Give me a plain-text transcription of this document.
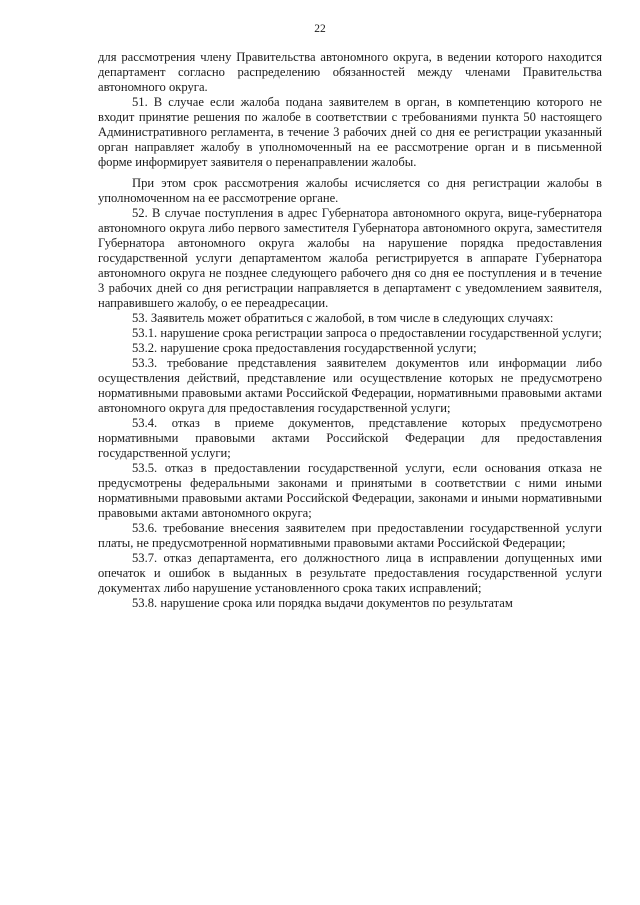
22

для рассмотрения члену Правительства автономного округа, в ведении которого находится департамент согласно распределению обязанностей между членами Правительства автономного округа.

51. В случае если жалоба подана заявителем в орган, в компетенцию которого не входит принятие решения по жалобе в соответствии с требованиями пункта 50 настоящего Административного регламента, в течение 3 рабочих дней со дня ее регистрации указанный орган направляет жалобу в уполномоченный на ее рассмотрение орган и в письменной форме информирует заявителя о перенаправлении жалобы.

При этом срок рассмотрения жалобы исчисляется со дня регистрации жалобы в уполномоченном на ее рассмотрение органе.

52. В случае поступления в адрес Губернатора автономного округа, вице-губернатора автономного округа либо первого заместителя Губернатора автономного округа, заместителя Губернатора автономного округа жалобы на нарушение порядка предоставления государственной услуги департаментом жалоба регистрируется в аппарате Губернатора автономного округа не позднее следующего рабочего дня со дня ее поступления и в течение 3 рабочих дней со дня регистрации направляется в департамент с уведомлением заявителя, направившего жалобу, о ее переадресации.

53. Заявитель может обратиться с жалобой, в том числе в следующих случаях:

53.1. нарушение срока регистрации запроса о предоставлении государственной услуги;

53.2. нарушение срока предоставления государственной услуги;

53.3. требование представления заявителем документов или информации либо осуществления действий, представление или осуществление которых не предусмотрено нормативными правовыми актами Российской Федерации, нормативными правовыми актами автономного округа для предоставления государственной услуги;

53.4. отказ в приеме документов, представление которых предусмотрено нормативными правовыми актами Российской Федерации для предоставления государственной услуги;

53.5. отказ в предоставлении государственной услуги, если основания отказа не предусмотрены федеральными законами и принятыми в соответствии с ними иными нормативными правовыми актами Российской Федерации, законами и иными нормативными правовыми актами автономного округа;

53.6. требование внесения заявителем при предоставлении государственной услуги платы, не предусмотренной нормативными правовыми актами Российской Федерации;

53.7. отказ департамента, его должностного лица в исправлении допущенных ими опечаток и ошибок в выданных в результате предоставления государственной услуги документах либо нарушение установленного срока таких исправлений;

53.8. нарушение срока или порядка выдачи документов по результатам
